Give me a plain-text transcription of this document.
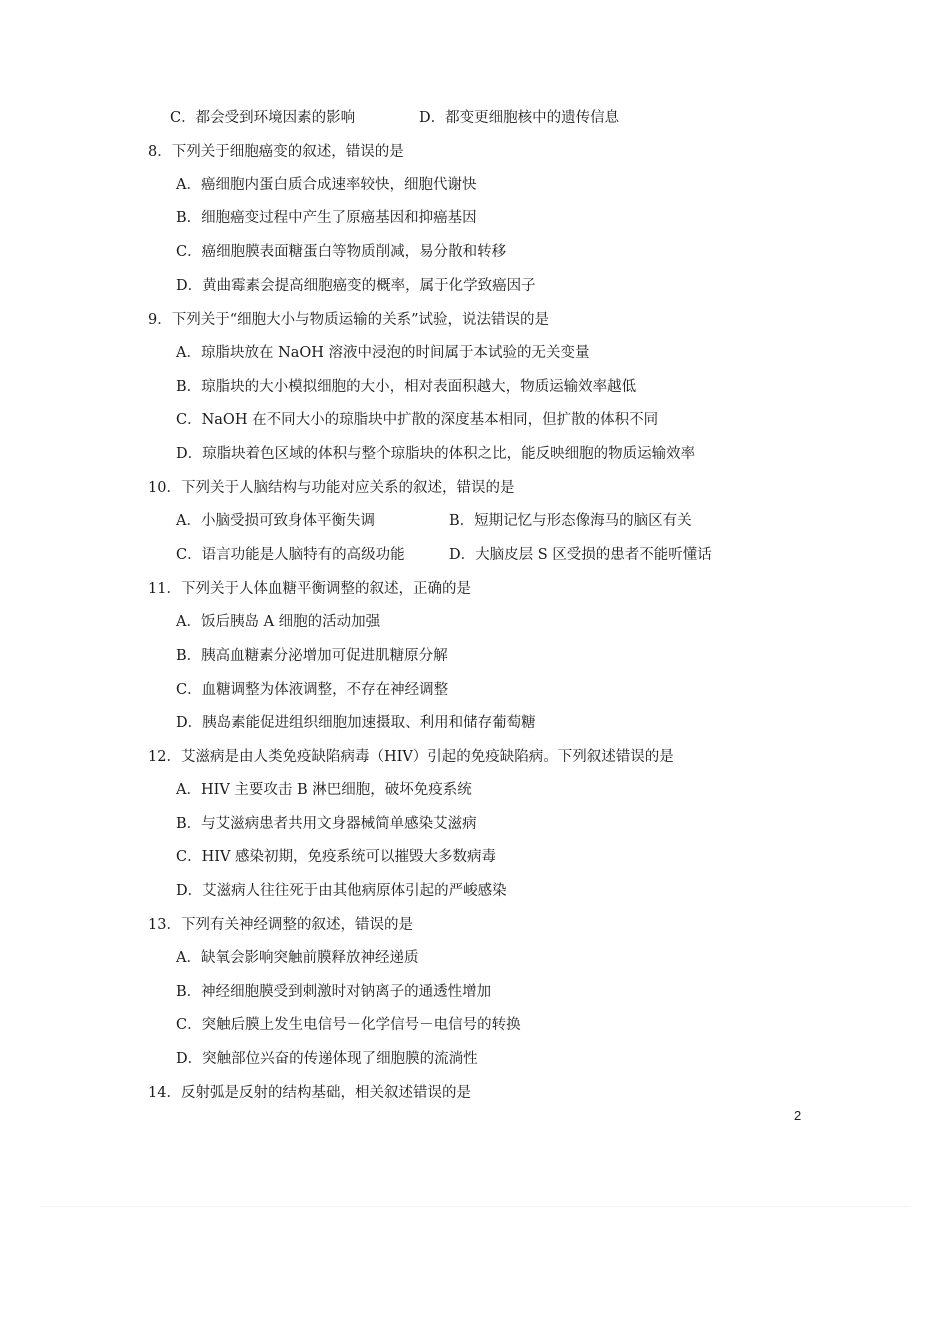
C．都会受到环境因素的影响	D．都变更细胞核中的遗传信息
8．下列关于细胞癌变的叙述，错误的是
A．癌细胞内蛋白质合成速率较快，细胞代谢快
B．细胞癌变过程中产生了原癌基因和抑癌基因
C．癌细胞膜表面糖蛋白等物质削减，易分散和转移
D．黄曲霉素会提高细胞癌变的概率，属于化学致癌因子
9．下列关于“细胞大小与物质运输的关系”试验，说法错误的是
A．琼脂块放在 NaOH 溶液中浸泡的时间属于本试验的无关变量
B．琼脂块的大小模拟细胞的大小，相对表面积越大，物质运输效率越低
C．NaOH 在不同大小的琼脂块中扩散的深度基本相同，但扩散的体积不同
D．琼脂块着色区域的体积与整个琼脂块的体积之比，能反映细胞的物质运输效率
10．下列关于人脑结构与功能对应关系的叙述，错误的是
A．小脑受损可致身体平衡失调	B．短期记忆与形态像海马的脑区有关
C．语言功能是人脑特有的高级功能	D．大脑皮层 S 区受损的患者不能听懂话
11．下列关于人体血糖平衡调整的叙述，正确的是
A．饭后胰岛 A 细胞的活动加强
B．胰高血糖素分泌增加可促进肌糖原分解
C．血糖调整为体液调整，不存在神经调整
D．胰岛素能促进组织细胞加速摄取、利用和储存葡萄糖
12．艾滋病是由人类免疫缺陷病毒（HIV）引起的免疫缺陷病。下列叙述错误的是
A．HIV 主要攻击 B 淋巴细胞，破坏免疫系统
B．与艾滋病患者共用文身器械简单感染艾滋病
C．HIV 感染初期，免疫系统可以摧毁大多数病毒
D．艾滋病人往往死于由其他病原体引起的严峻感染
13．下列有关神经调整的叙述，错误的是
A．缺氧会影响突触前膜释放神经递质
B．神经细胞膜受到刺激时对钠离子的通透性增加
C．突触后膜上发生电信号－化学信号－电信号的转换
D．突触部位兴奋的传递体现了细胞膜的流淌性
14．反射弧是反射的结构基础，相关叙述错误的是
2
